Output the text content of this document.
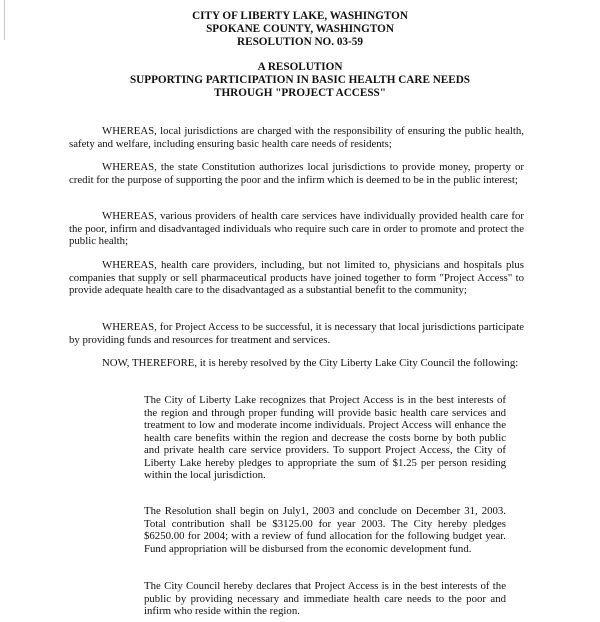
CITY OF LIBERTY LAKE, WASHINGTON
SPOKANE COUNTY, WASHINGTON
RESOLUTION NO. 03-59
A RESOLUTION
SUPPORTING PARTICIPATION IN BASIC HEALTH CARE NEEDS
THROUGH "PROJECT ACCESS"

WHEREAS, local jurisdictions are charged with the responsibility of ensuring the public health, safety and welfare, including ensuring basic health care needs of residents;

WHEREAS, the state Constitution authorizes local jurisdictions to provide money, property or credit for the purpose of supporting the poor and the infirm which is deemed to be in the public interest;

WHEREAS, various providers of health care services have individually provided health care for the poor, infirm and disadvantaged individuals who require such care in order to promote and protect the public health;

WHEREAS, health care providers, including, but not limited to, physicians and hospitals plus companies that supply or sell pharmaceutical products have joined together to form "Project Access" to provide adequate health care to the disadvantaged as a substantial benefit to the community;

WHEREAS, for Project Access to be successful, it is necessary that local jurisdictions participate by providing funds and resources for treatment and services.

NOW, THEREFORE, it is hereby resolved by the City Liberty Lake City Council the following:

The City of Liberty Lake recognizes that Project Access is in the best interests of the region and through proper funding will provide basic health care services and treatment to low and moderate income individuals. Project Access will enhance the health care benefits within the region and decrease the costs borne by both public and private health care service providers. To support Project Access, the City of Liberty Lake hereby pledges to appropriate the sum of $1.25 per person residing within the local jurisdiction.

The Resolution shall begin on July1, 2003 and conclude on December 31, 2003. Total contribution shall be $3125.00 for year 2003. The City hereby pledges $6250.00 for 2004; with a review of fund allocation for the following budget year. Fund appropriation will be disbursed from the economic development fund.

The City Council hereby declares that Project Access is in the best interests of the public by providing necessary and immediate health care needs to the poor and infirm who reside within the region.
